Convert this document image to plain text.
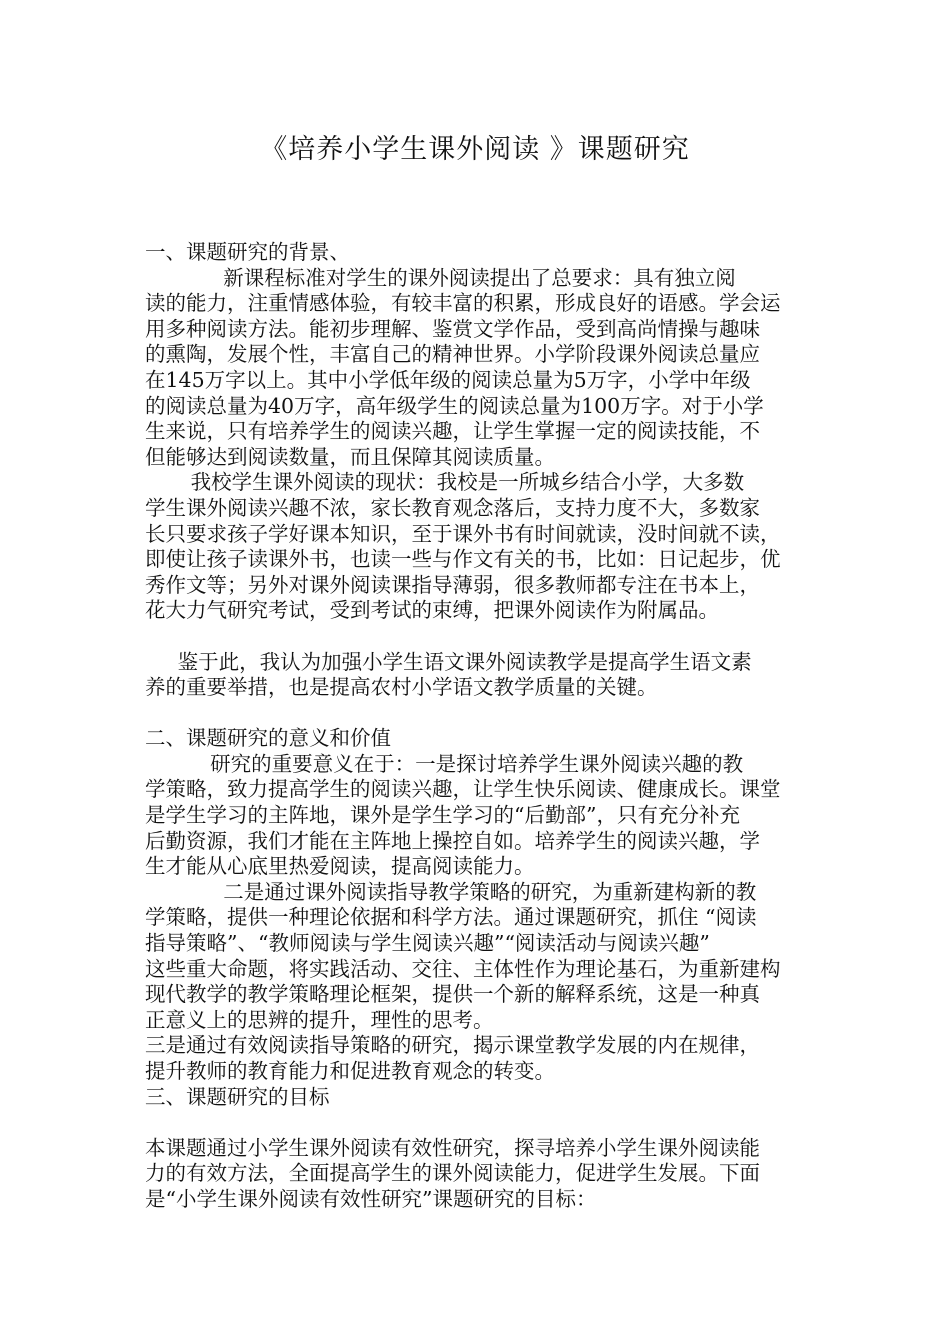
《培养小学生课外阅读 》课题研究
一、课题研究的背景、
新课程标准对学生的课外阅读提出了总要求：具有独立阅
读的能力，注重情感体验，有较丰富的积累，形成良好的语感。学会运
用多种阅读方法。能初步理解、鉴赏文学作品，受到高尚情操与趣味
的熏陶，发展个性，丰富自己的精神世界。小学阶段课外阅读总量应
在145万字以上。其中小学低年级的阅读总量为5万字，小学中年级
的阅读总量为40万字，高年级学生的阅读总量为100万字。对于小学
生来说，只有培养学生的阅读兴趣，让学生掌握一定的阅读技能，不
但能够达到阅读数量，而且保障其阅读质量。
我校学生课外阅读的现状：我校是一所城乡结合小学，大多数
学生课外阅读兴趣不浓，家长教育观念落后，支持力度不大，多数家
长只要求孩子学好课本知识，至于课外书有时间就读，没时间就不读，
即使让孩子读课外书，也读一些与作文有关的书，比如：日记起步，优
秀作文等；另外对课外阅读课指导薄弱，很多教师都专注在书本上，
花大力气研究考试，受到考试的束缚，把课外阅读作为附属品。
鉴于此，我认为加强小学生语文课外阅读教学是提高学生语文素
养的重要举措，也是提高农村小学语文教学质量的关键。
二、课题研究的意义和价值
研究的重要意义在于：一是探讨培养学生课外阅读兴趣的教
学策略，致力提高学生的阅读兴趣，让学生快乐阅读、健康成长。课堂
是学生学习的主阵地，课外是学生学习的“后勤部”，只有充分补充
后勤资源，我们才能在主阵地上操控自如。培养学生的阅读兴趣，学
生才能从心底里热爱阅读，提高阅读能力。
二是通过课外阅读指导教学策略的研究，为重新建构新的教
学策略，提供一种理论依据和科学方法。通过课题研究，抓住 “阅读
指导策略”、“教师阅读与学生阅读兴趣”“阅读活动与阅读兴趣”
这些重大命题，将实践活动、交往、主体性作为理论基石，为重新建构
现代教学的教学策略理论框架，提供一个新的解释系统，这是一种真
正意义上的思辨的提升，理性的思考。
三是通过有效阅读指导策略的研究，揭示课堂教学发展的内在规律，
提升教师的教育能力和促进教育观念的转变。
三、课题研究的目标
本课题通过小学生课外阅读有效性研究，探寻培养小学生课外阅读能
力的有效方法，全面提高学生的课外阅读能力，促进学生发展。下面
是“小学生课外阅读有效性研究”课题研究的目标：
